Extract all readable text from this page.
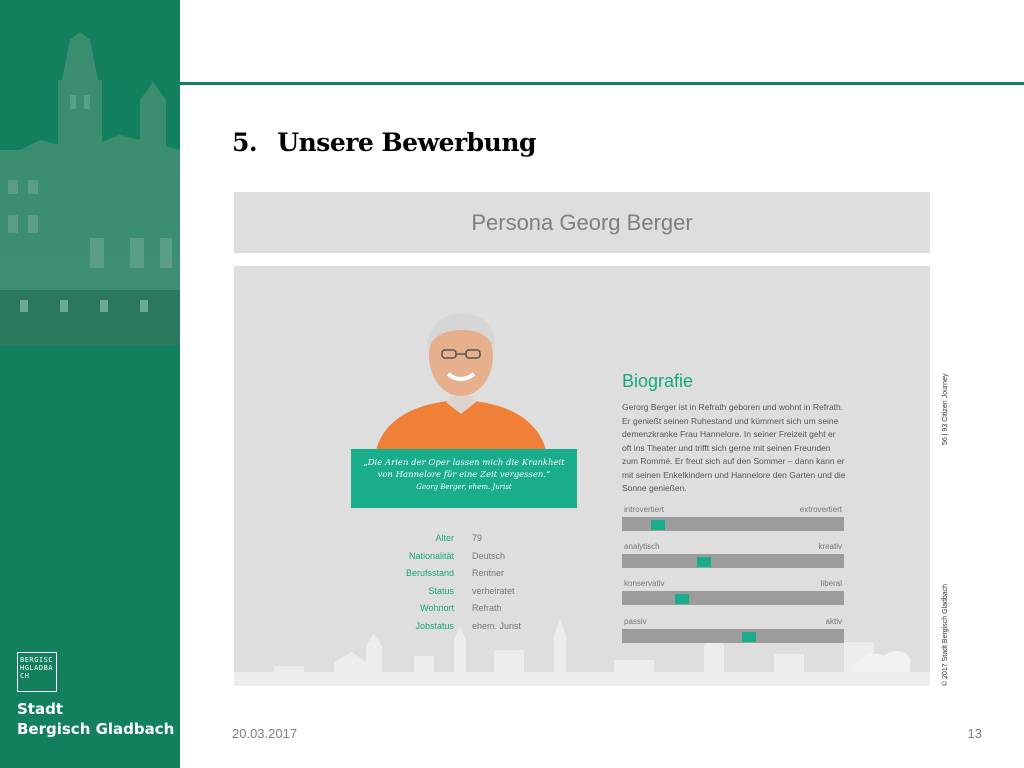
BERGISCHGLADBACH
Stadt
Bergisch Gladbach
5.  Unsere Bewerbung
Persona Georg Berger
„Die Arien der Oper lassen mich die Krankheit von Hannelore für eine Zeit vergessen.“
Georg Berger, ehem. Jurist
Alter 79
Nationalität Deutsch
Berufsstand Rentner
Status verheiratet
Wohnort Refrath
Jobstatus ehem. Jurist
Biografie
Gerorg Berger ist in Refrath geboren und wohnt in Refrath. Er genießt seinen Ruhestand und kümmert sich um seine demenzkranke Frau Hannelore. In seiner Freizeit geht er oft ins Theater und trifft sich gerne mit seinen Freunden zum Rommé. Er freut sich auf den Sommer – dann kann er mit seinen Enkelkindern und Hannelore den Garten und die Sonne genießen.
introvertiert	extrovertiert
analytisch	kreativ
konservativ	liberal
passiv	aktiv
56 | 93 Citizen Journey
© 2017 Stadt Bergisch Gladbach
20.03.2017	13
